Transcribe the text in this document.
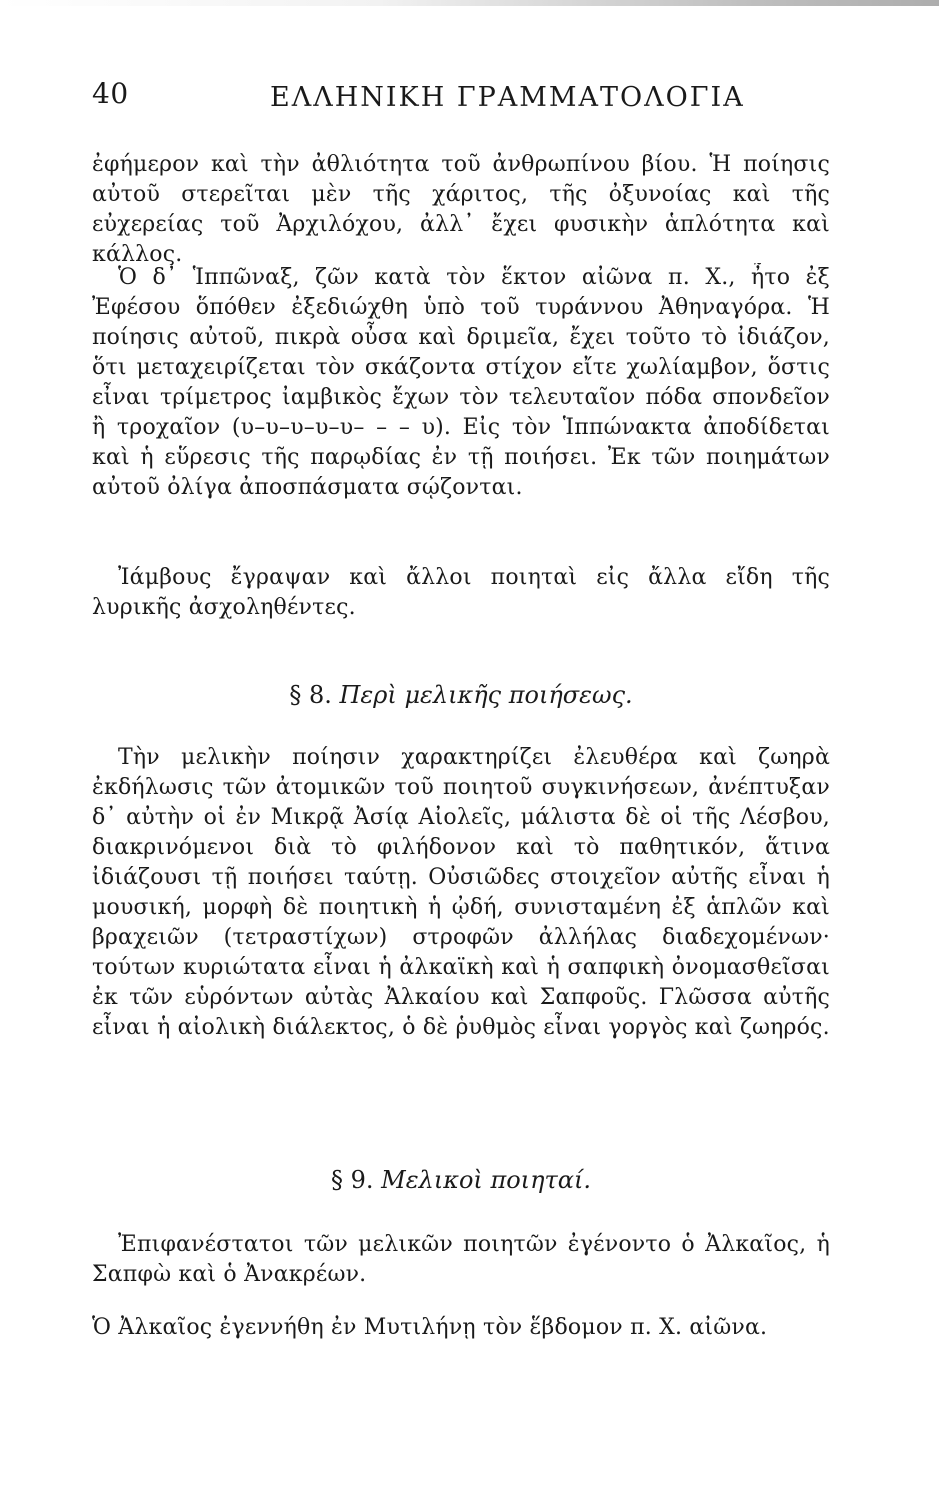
40	ΕΛΛΗΝΙΚΗ ΓΡΑΜΜΑΤΟΛΟΓΙΑ
ἐφήμερον καὶ τὴν ἀθλιότητα τοῦ ἀνθρωπίνου βίου. Ἡ ποίησις αὐτοῦ στερεῖται μὲν τῆς χάριτος, τῆς ὀξυνοίας καὶ τῆς εὐχερείας τοῦ Ἀρχιλόχου, ἀλλ᾿ ἔχει φυσικὴν ἁπλότητα καὶ κάλλος.
Ὁ δ᾿ Ἱππῶναξ, ζῶν κατὰ τὸν ἕκτον αἰῶνα π. Χ., ἦτο ἐξ Ἐφέσου ὅπόθεν ἐξεδιώχθη ὑπὸ τοῦ τυράννου Ἀθηναγόρα. Ἡ ποίησις αὐτοῦ, πικρὰ οὖσα καὶ δριμεῖα, ἔχει τοῦτο τὸ ἰδιάζον, ὅτι μεταχειρίζεται τὸν σκάζοντα στίχον εἴτε χωλίαμβον, ὅστις εἶναι τρίμετρος ἰαμβικὸς ἔχων τὸν τελευταῖον πόδα σπονδεῖον ἢ τροχαῖον (υ–υ–υ–υ–υ– – – υ). Εἰς τὸν Ἱππώνακτα ἀποδίδεται καὶ ἡ εὕρεσις τῆς παρῳδίας ἐν τῇ ποιήσει. Ἐκ τῶν ποιημάτων αὐτοῦ ὀλίγα ἀποσπάσματα σῴζονται.
Ἰάμβους ἔγραψαν καὶ ἄλλοι ποιηταὶ εἰς ἄλλα εἴδη τῆς λυρικῆς ἀσχοληθέντες.
§ 8. Περὶ μελικῆς ποιήσεως.
Τὴν μελικὴν ποίησιν χαρακτηρίζει ἐλευθέρα καὶ ζωηρὰ ἐκδήλωσις τῶν ἀτομικῶν τοῦ ποιητοῦ συγκινήσεων, ἀνέπτυξαν δ᾿ αὐτὴν οἱ ἐν Μικρᾷ Ἀσίᾳ Αἰολεῖς, μάλιστα δὲ οἱ τῆς Λέσβου, διακρινόμενοι διὰ τὸ φιλήδονον καὶ τὸ παθητικόν, ἅτινα ἰδιάζουσι τῇ ποιήσει ταύτῃ. Οὐσιῶδες στοιχεῖον αὐτῆς εἶναι ἡ μουσική, μορφὴ δὲ ποιητικὴ ἡ ᾠδή, συνισταμένη ἐξ ἁπλῶν καὶ βραχειῶν (τετραστίχων) στροφῶν ἀλλήλας διαδεχομένων· τούτων κυριώτατα εἶναι ἡ ἀλκαϊκὴ καὶ ἡ σαπφικὴ ὀνομασθεῖσαι ἐκ τῶν εὑρόντων αὐτὰς Ἀλκαίου καὶ Σαπφοῦς. Γλῶσσα αὐτῆς εἶναι ἡ αἰολικὴ διάλεκτος, ὁ δὲ ῥυθμὸς εἶναι γοργὸς καὶ ζωηρός.
§ 9. Μελικοὶ ποιηταί.
Ἐπιφανέστατοι τῶν μελικῶν ποιητῶν ἐγένοντο ὁ Ἀλκαῖος, ἡ Σαπφὼ καὶ ὁ Ἀνακρέων.
Ὁ Ἀλκαῖος ἐγεννήθη ἐν Μυτιλήνῃ τὸν ἕβδομον π. Χ. αἰῶνα.
